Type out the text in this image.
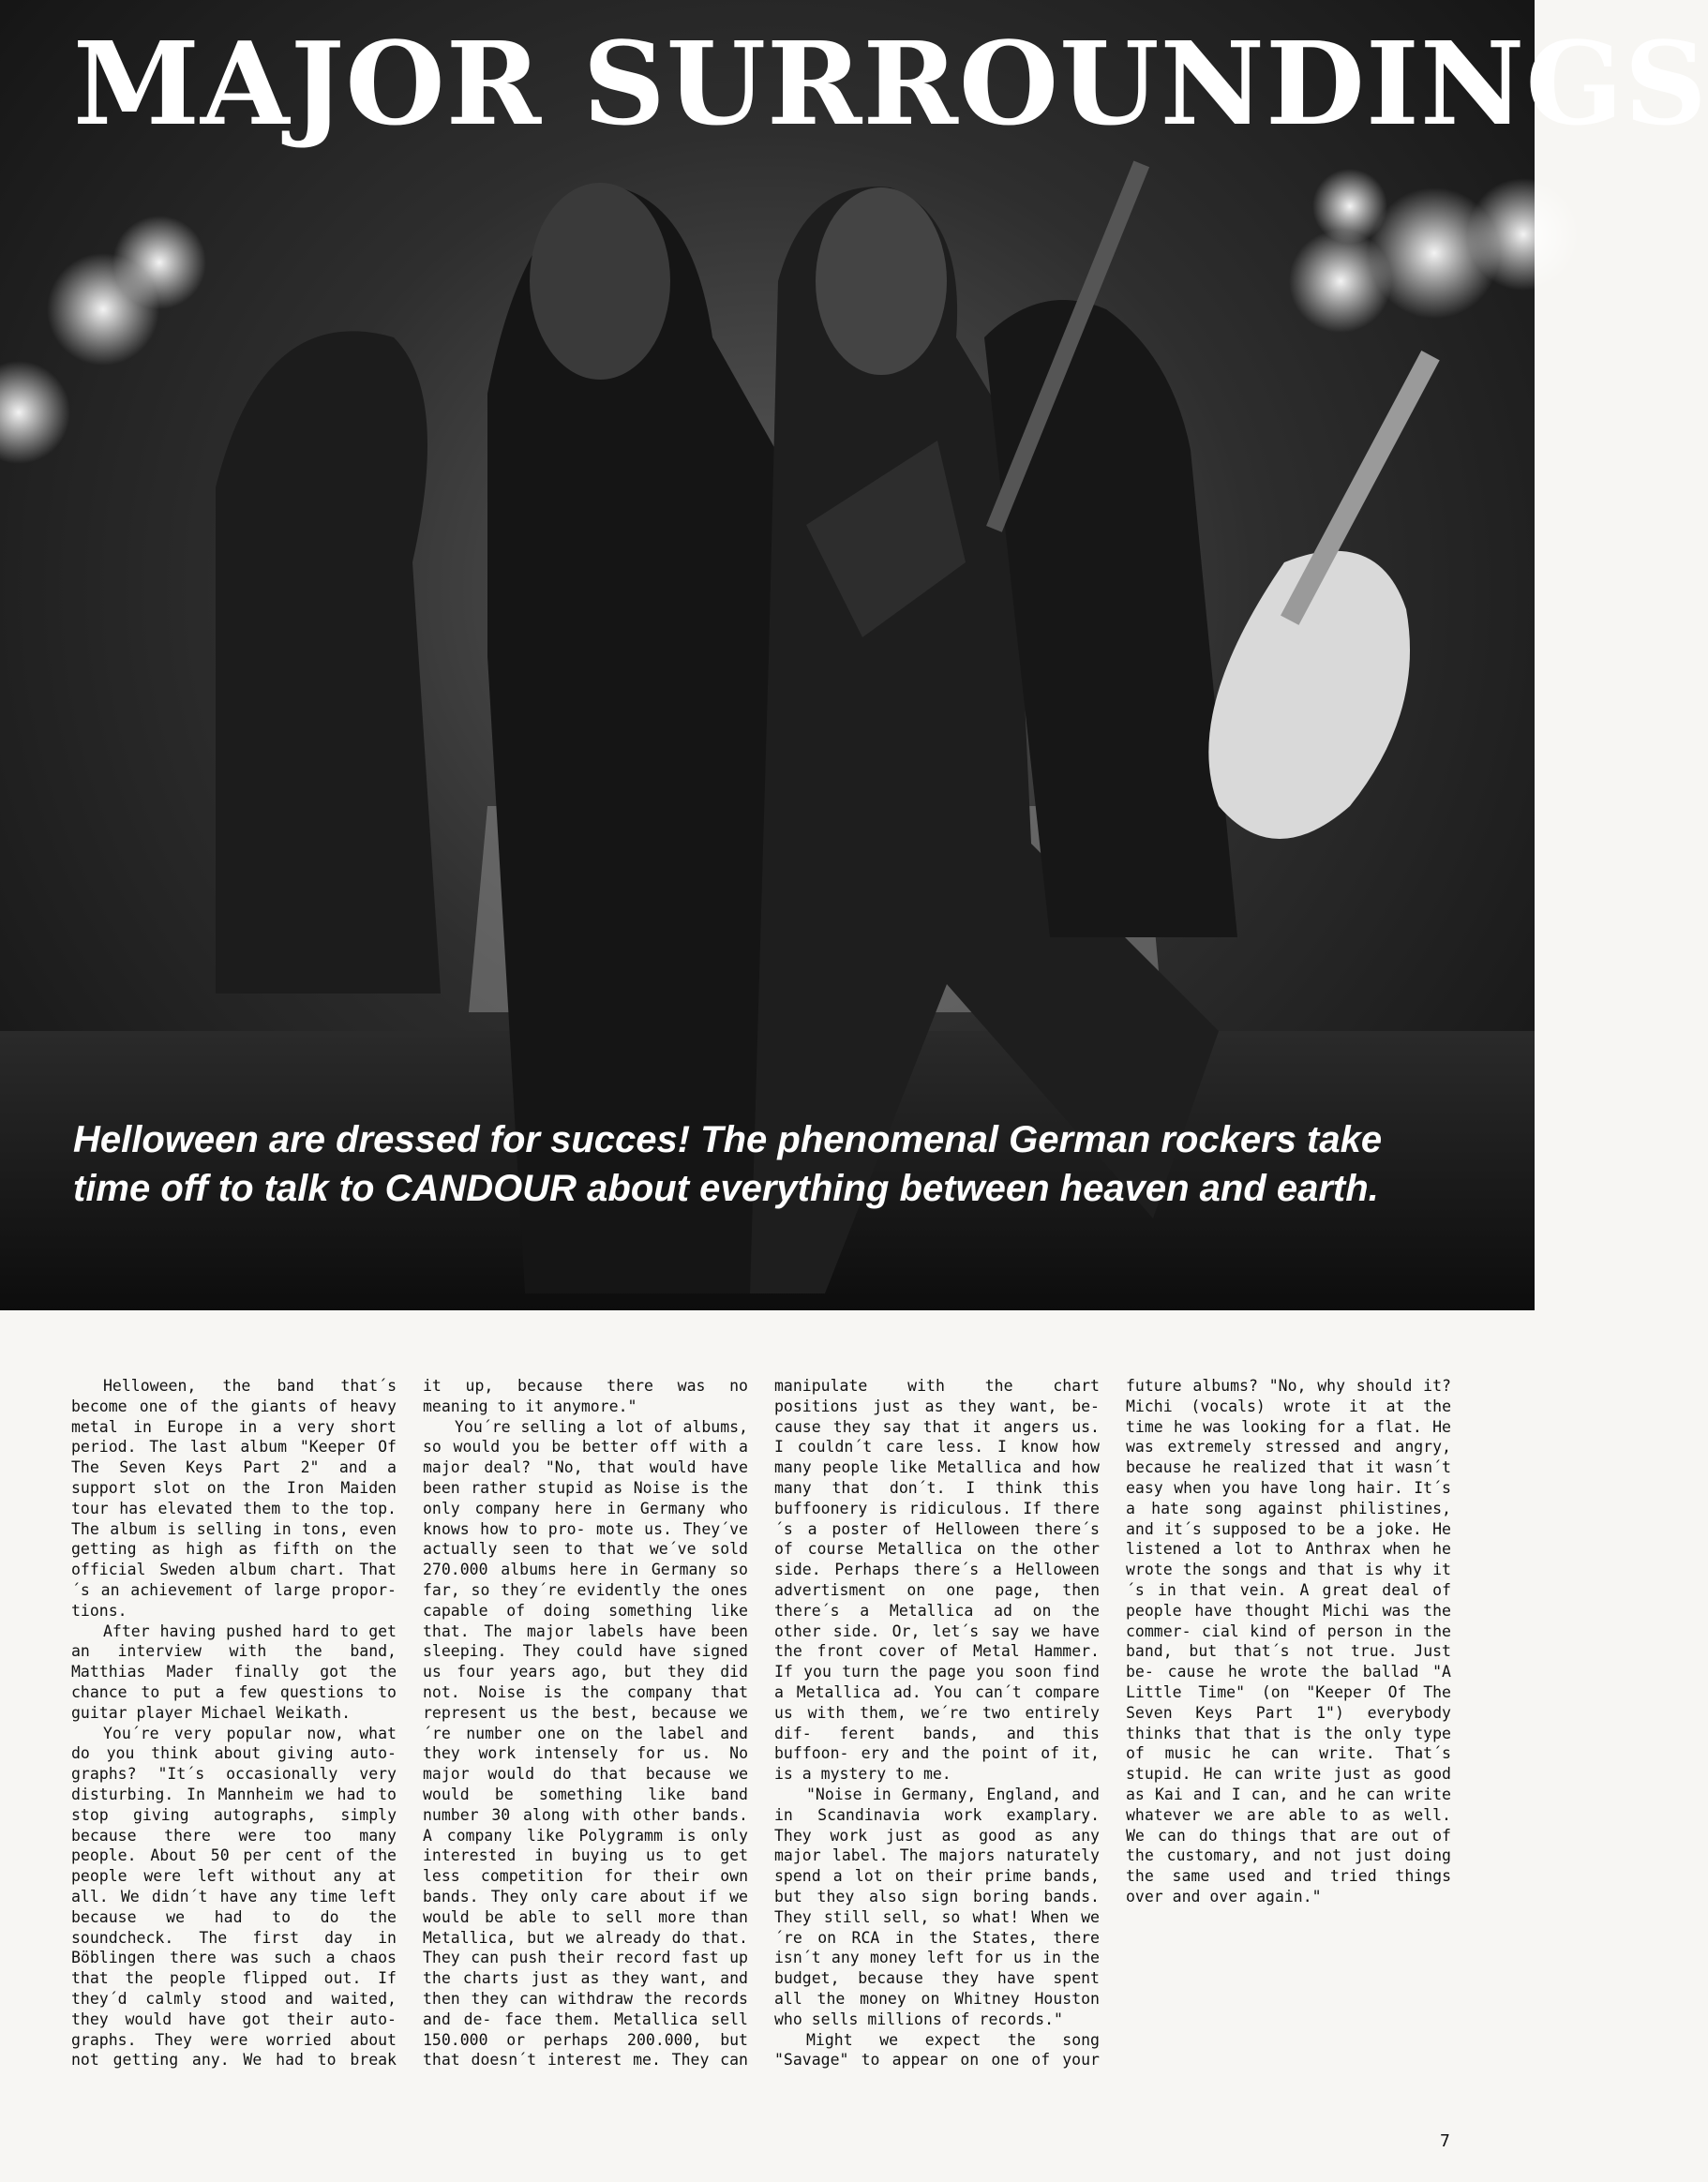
MAJOR SURROUNDINGS

Helloween are dressed for succes! The phenomenal German rockers take time off to talk to CANDOUR about everything between heaven and earth.

Helloween, the band that´s become one of the giants of heavy metal in Europe in a very short period. The last album "Keeper Of The Seven Keys Part 2" and a support slot on the Iron Maiden tour has elevated them to the top. The album is selling in tons, even getting as high as fifth on the official Sweden album chart. That´s an achievement of large propor- tions.

After having pushed hard to get an interview with the band, Matthias Mader finally got the chance to put a few questions to guitar player Michael Weikath.

You´re very popular now, what do you think about giving auto- graphs? "It´s occasionally very disturbing. In Mannheim we had to stop giving autographs, simply because there were too many people. About 50 per cent of the people were left without any at all. We didn´t have any time left because we had to do the soundcheck. The first day in Böblingen there was such a chaos that the people flipped out. If they´d calmly stood and waited, they would have got their auto- graphs. They were worried about not getting any. We had to break it up, because there was no meaning to it anymore."

You´re selling a lot of albums, so would you be better off with a major deal? "No, that would have been rather stupid as Noise is the only company here in Germany who knows how to pro- mote us. They´ve actually seen to that we´ve sold 270.000 albums here in Germany so far, so they´re evidently the ones capable of doing something like that. The major labels have been sleeping. They could have signed us four years ago, but they did not. Noise is the company that represent us the best, because we´re number one on the label and they work intensely for us. No major would do that because we would be something like band number 30 along with other bands. A company like Polygramm is only interested in buying us to get less competition for their own bands. They only care about if we would be able to sell more than Metallica, but we already do that. They can push their record fast up the charts just as they want, and then they can withdraw the records and de- face them. Metallica sell 150.000 or perhaps 200.000, but that doesn´t interest me. They can manipulate with the chart positions just as they want, be- cause they say that it angers us. I couldn´t care less. I know how many people like Metallica and how many that don´t. I think this buffoonery is ridiculous. If there´s a poster of Helloween there´s of course Metallica on the other side. Perhaps there´s a Helloween advertisment on one page, then there´s a Metallica ad on the other side. Or, let´s say we have the front cover of Metal Hammer. If you turn the page you soon find a Metallica ad. You can´t compare us with them, we´re two entirely dif- ferent bands, and this buffoon- ery and the point of it, is a mystery to me.

"Noise in Germany, England, and in Scandinavia work examplary. They work just as good as any major label. The majors naturately spend a lot on their prime bands, but they also sign boring bands. They still sell, so what! When we´re on RCA in the States, there isn´t any money left for us in the budget, because they have spent all the money on Whitney Houston who sells millions of records."

Might we expect the song "Savage" to appear on one of your future albums? "No, why should it? Michi (vocals) wrote it at the time he was looking for a flat. He was extremely stressed and angry, because he realized that it wasn´t easy when you have long hair. It´s a hate song against philistines, and it´s supposed to be a joke. He listened a lot to Anthrax when he wrote the songs and that is why it´s in that vein. A great deal of people have thought Michi was the commer- cial kind of person in the band, but that´s not true. Just be- cause he wrote the ballad "A Little Time" (on "Keeper Of The Seven Keys Part 1") everybody thinks that that is the only type of music he can write. That´s stupid. He can write just as good as Kai and I can, and he can write whatever we are able to as well. We can do things that are out of the customary, and not just doing the same used and tried things over and over again."

7
